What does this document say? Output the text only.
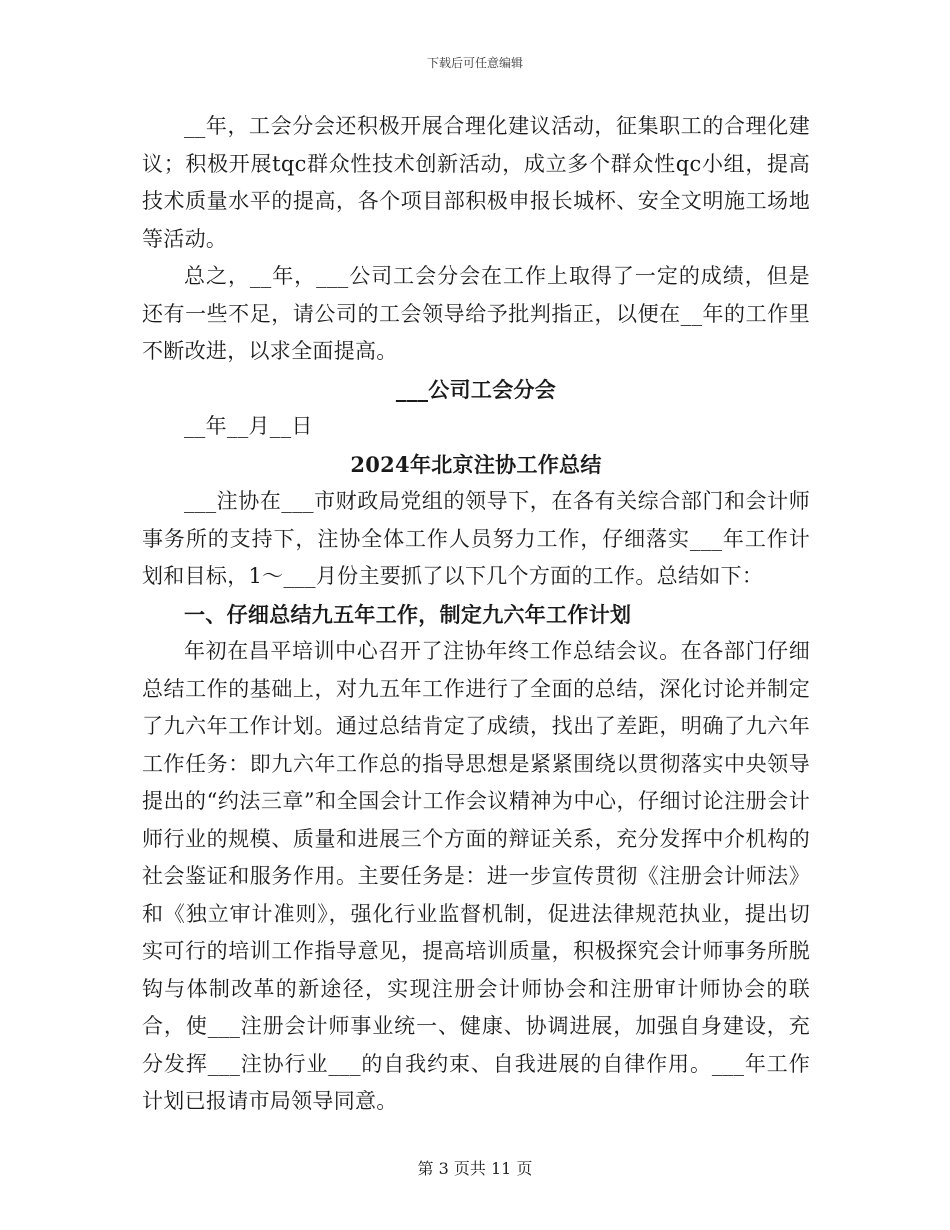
下载后可任意编辑

__年，工会分会还积极开展合理化建议活动，征集职工的合理化建议；积极开展tqc群众性技术创新活动，成立多个群众性qc小组，提高技术质量水平的提高，各个项目部积极申报长城杯、安全文明施工场地等活动。

总之，__年，___公司工会分会在工作上取得了一定的成绩，但是还有一些不足，请公司的工会领导给予批判指正，以便在__年的工作里不断改进，以求全面提高。

___公司工会分会

__年__月__日

2024年北京注协工作总结

___注协在___市财政局党组的领导下，在各有关综合部门和会计师事务所的支持下，注协全体工作人员努力工作，仔细落实___年工作计划和目标，1～___月份主要抓了以下几个方面的工作。总结如下：

一、仔细总结九五年工作，制定九六年工作计划

年初在昌平培训中心召开了注协年终工作总结会议。在各部门仔细总结工作的基础上，对九五年工作进行了全面的总结，深化讨论并制定了九六年工作计划。通过总结肯定了成绩，找出了差距，明确了九六年工作任务：即九六年工作总的指导思想是紧紧围绕以贯彻落实中央领导提出的“约法三章”和全国会计工作会议精神为中心，仔细讨论注册会计师行业的规模、质量和进展三个方面的辩证关系，充分发挥中介机构的社会鉴证和服务作用。主要任务是：进一步宣传贯彻《注册会计师法》和《独立审计准则》，强化行业监督机制，促进法律规范执业，提出切实可行的培训工作指导意见，提高培训质量，积极探究会计师事务所脱钩与体制改革的新途径，实现注册会计师协会和注册审计师协会的联合，使___注册会计师事业统一、健康、协调进展，加强自身建设，充分发挥___注协行业___的自我约束、自我进展的自律作用。___年工作计划已报请市局领导同意。

第 3 页共 11 页
